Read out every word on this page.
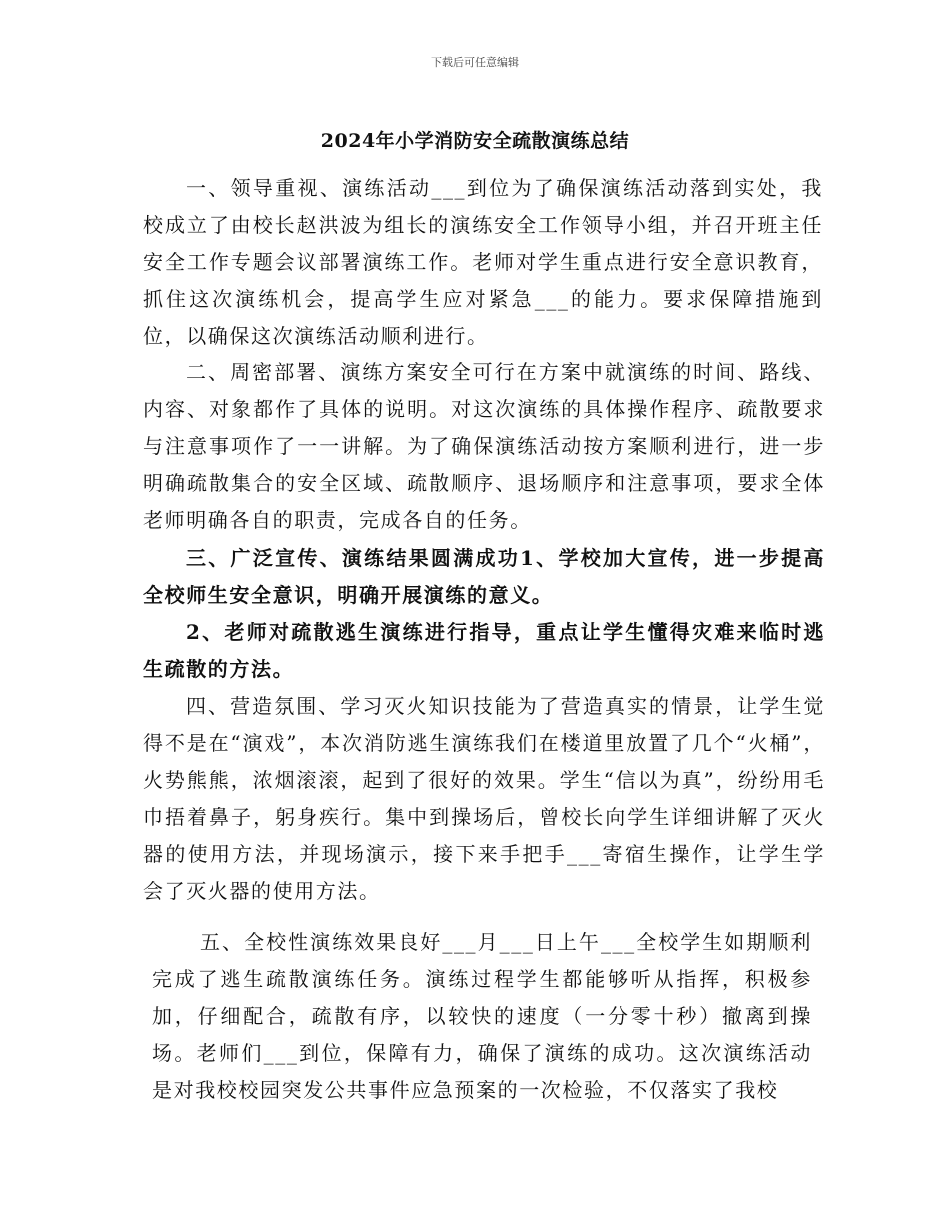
下载后可任意编辑
2024年小学消防安全疏散演练总结

一、领导重视、演练活动___到位为了确保演练活动落到实处，我校成立了由校长赵洪波为组长的演练安全工作领导小组，并召开班主任安全工作专题会议部署演练工作。老师对学生重点进行安全意识教育，抓住这次演练机会，提高学生应对紧急___的能力。要求保障措施到位，以确保这次演练活动顺利进行。

二、周密部署、演练方案安全可行在方案中就演练的时间、路线、内容、对象都作了具体的说明。对这次演练的具体操作程序、疏散要求与注意事项作了一一讲解。为了确保演练活动按方案顺利进行，进一步明确疏散集合的安全区域、疏散顺序、退场顺序和注意事项，要求全体老师明确各自的职责，完成各自的任务。

三、广泛宣传、演练结果圆满成功1、学校加大宣传，进一步提高全校师生安全意识，明确开展演练的意义。

2、老师对疏散逃生演练进行指导，重点让学生懂得灾难来临时逃生疏散的方法。

四、营造氛围、学习灭火知识技能为了营造真实的情景，让学生觉得不是在“演戏”，本次消防逃生演练我们在楼道里放置了几个“火桶”，火势熊熊，浓烟滚滚，起到了很好的效果。学生“信以为真”，纷纷用毛巾捂着鼻子，躬身疾行。集中到操场后，曾校长向学生详细讲解了灭火器的使用方法，并现场演示，接下来手把手___寄宿生操作，让学生学会了灭火器的使用方法。

五、全校性演练效果良好___月___日上午___全校学生如期顺利完成了逃生疏散演练任务。演练过程学生都能够听从指挥，积极参加，仔细配合，疏散有序，以较快的速度（一分零十秒）撤离到操场。老师们___到位，保障有力，确保了演练的成功。这次演练活动是对我校校园突发公共事件应急预案的一次检验，不仅落实了我校
